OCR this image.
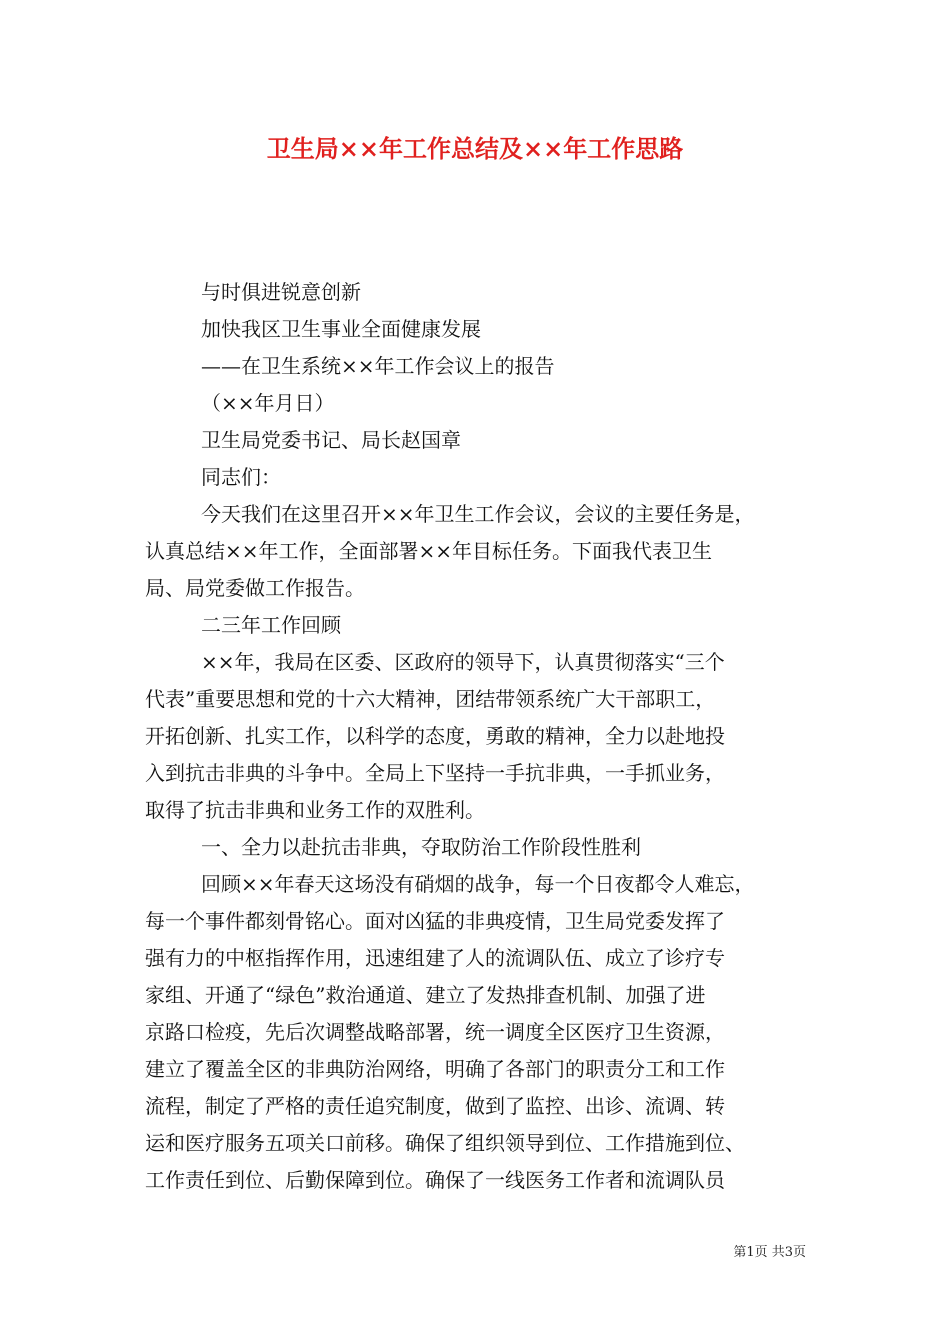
卫生局××年工作总结及××年工作思路
与时俱进锐意创新
加快我区卫生事业全面健康发展
——在卫生系统××年工作会议上的报告
（××年月日）
卫生局党委书记、局长赵国章
同志们：
今天我们在这里召开××年卫生工作会议，会议的主要任务是，
认真总结××年工作，全面部署××年目标任务。下面我代表卫生
局、局党委做工作报告。
二三年工作回顾
××年，我局在区委、区政府的领导下，认真贯彻落实“三个
代表”重要思想和党的十六大精神，团结带领系统广大干部职工，
开拓创新、扎实工作，以科学的态度，勇敢的精神，全力以赴地投
入到抗击非典的斗争中。全局上下坚持一手抗非典，一手抓业务，
取得了抗击非典和业务工作的双胜利。
一、全力以赴抗击非典，夺取防治工作阶段性胜利
回顾××年春天这场没有硝烟的战争，每一个日夜都令人难忘，
每一个事件都刻骨铭心。面对凶猛的非典疫情，卫生局党委发挥了
强有力的中枢指挥作用，迅速组建了人的流调队伍、成立了诊疗专
家组、开通了“绿色”救治通道、建立了发热排查机制、加强了进
京路口检疫，先后次调整战略部署，统一调度全区医疗卫生资源，
建立了覆盖全区的非典防治网络，明确了各部门的职责分工和工作
流程，制定了严格的责任追究制度，做到了监控、出诊、流调、转
运和医疗服务五项关口前移。确保了组织领导到位、工作措施到位、
工作责任到位、后勤保障到位。确保了一线医务工作者和流调队员
第1页 共3页
